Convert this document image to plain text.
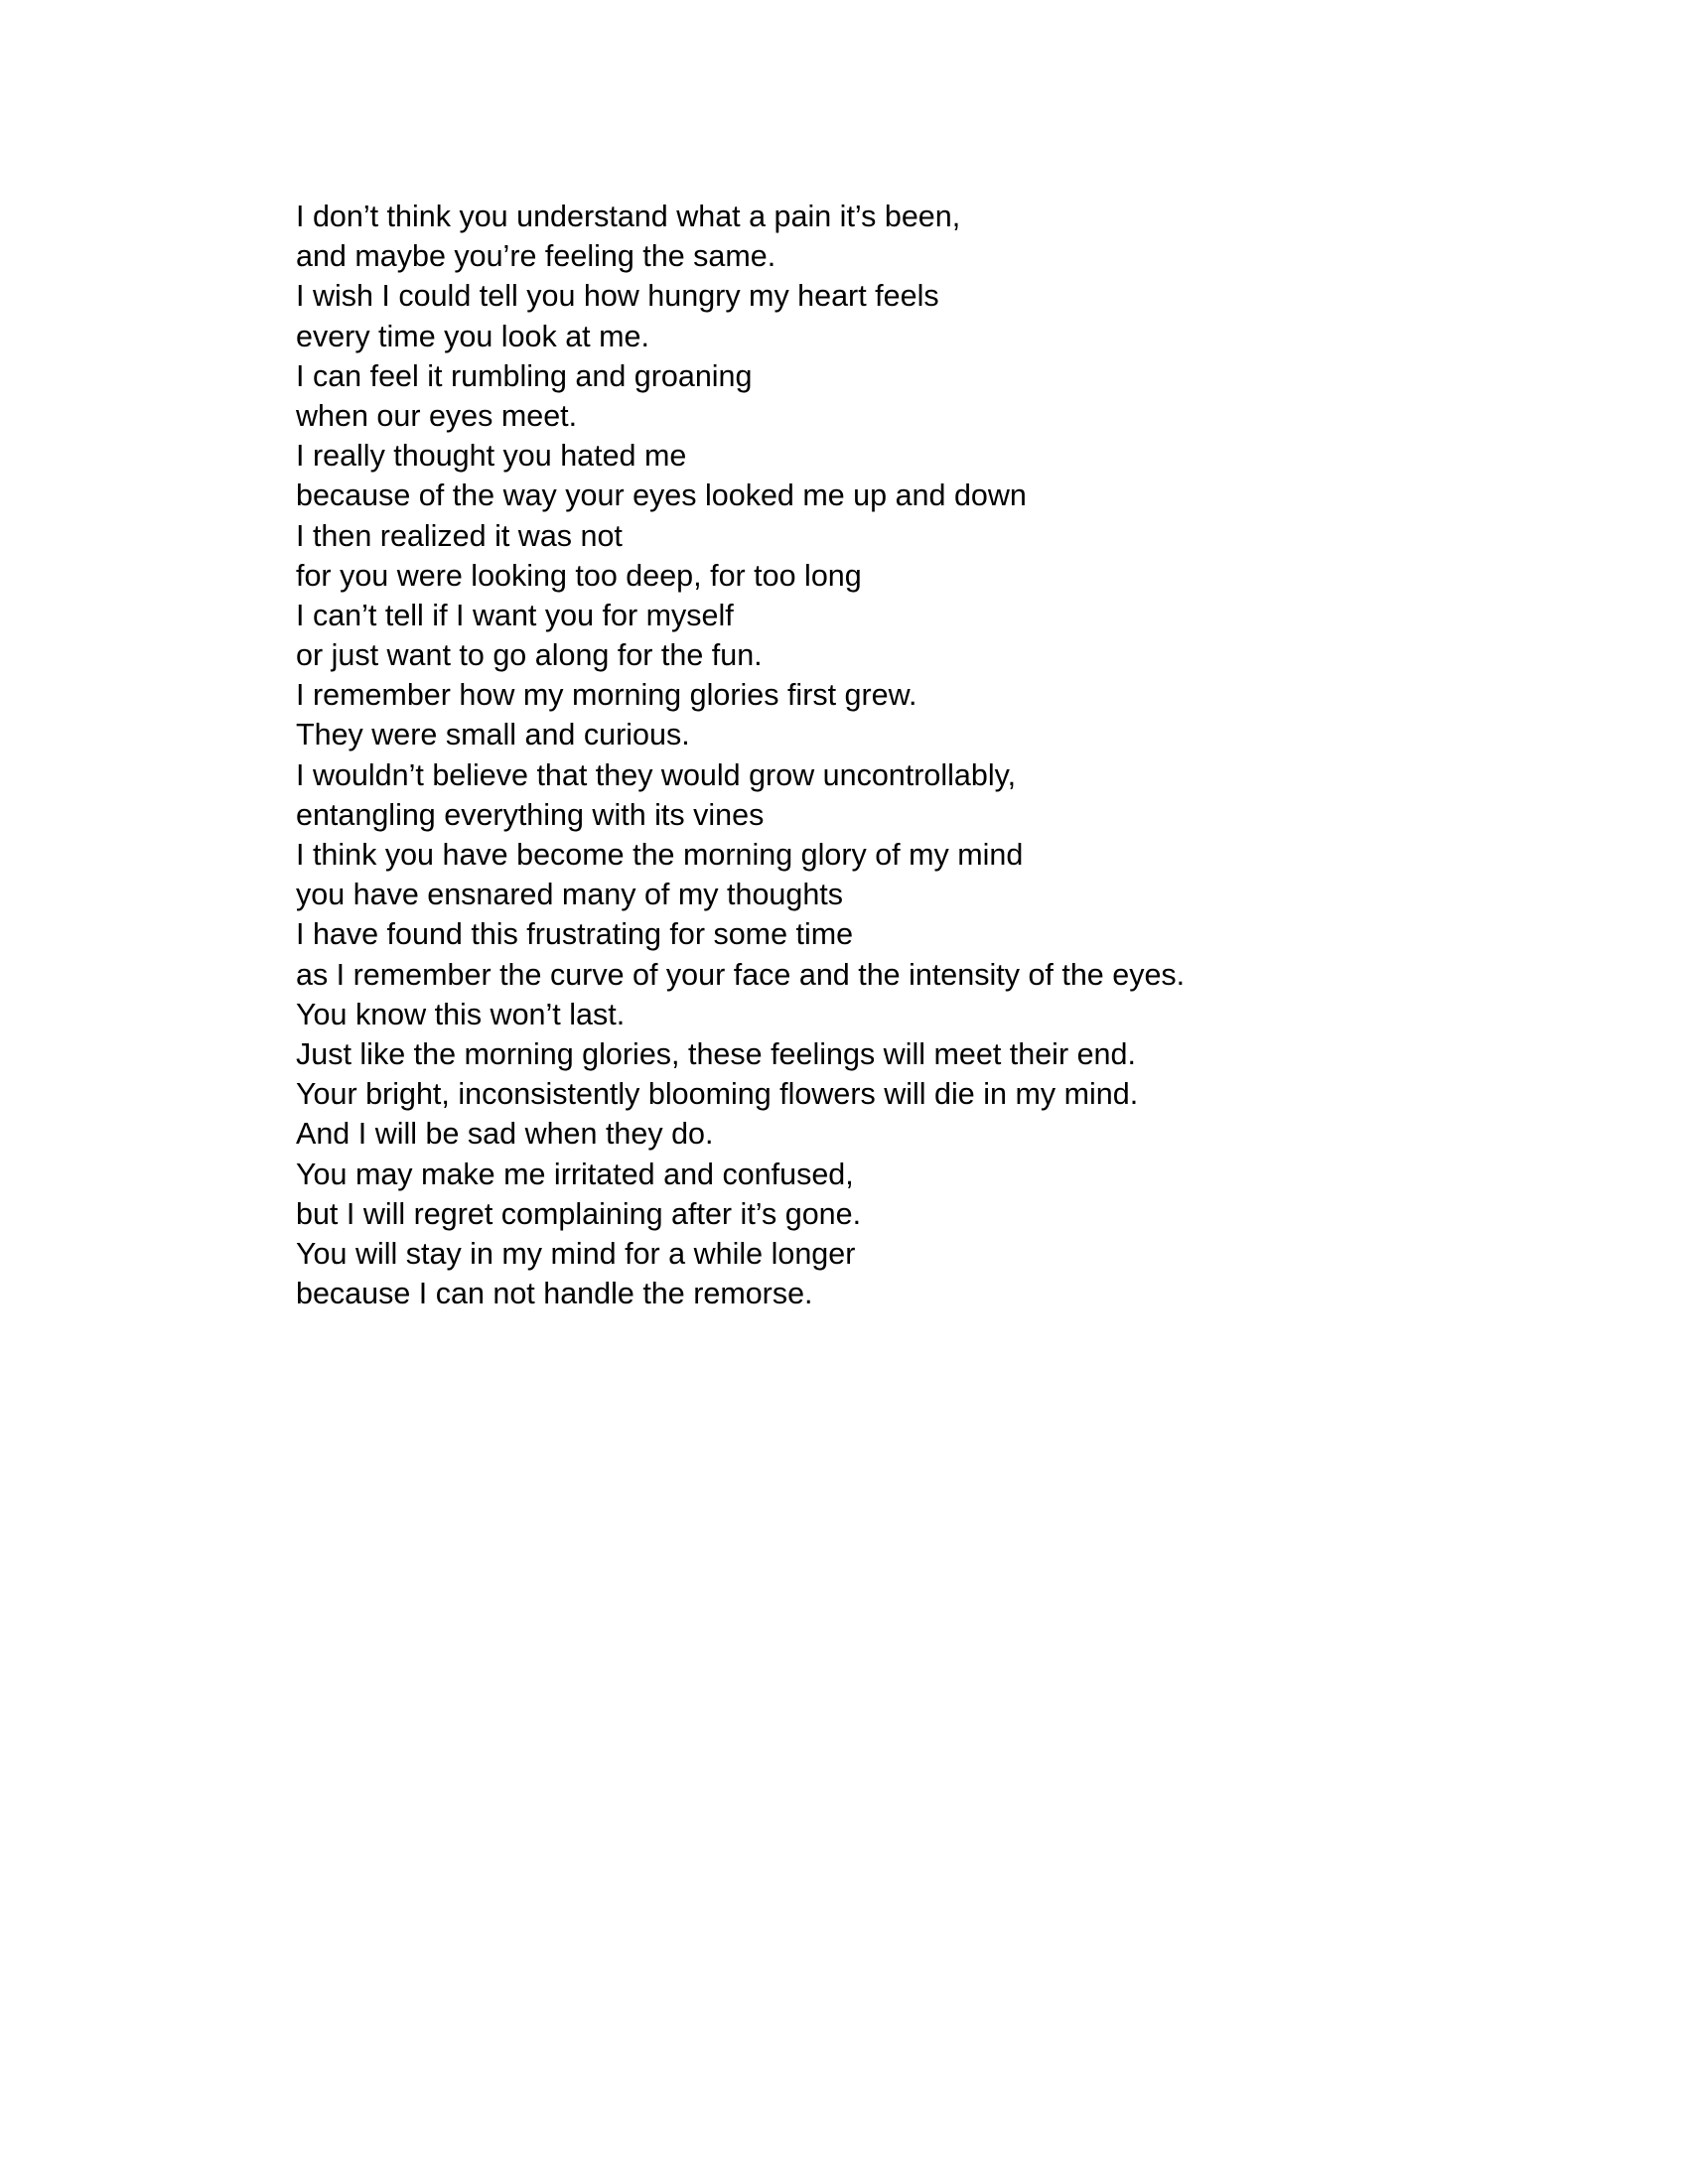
I don’t think you understand what a pain it’s been,
and maybe you’re feeling the same.
I wish I could tell you how hungry my heart feels
every time you look at me.
I can feel it rumbling and groaning
when our eyes meet.
I really thought you hated me
because of the way your eyes looked me up and down
I then realized it was not
for you were looking too deep, for too long
I can’t tell if I want you for myself
or just want to go along for the fun.
I remember how my morning glories first grew.
They were small and curious.
I wouldn’t believe that they would grow uncontrollably,
entangling everything with its vines
I think you have become the morning glory of my mind
you have ensnared many of my thoughts
I have found this frustrating for some time
as I remember the curve of your face and the intensity of the eyes.
You know this won’t last.
Just like the morning glories, these feelings will meet their end.
Your bright, inconsistently blooming flowers will die in my mind.
And I will be sad when they do.
You may make me irritated and confused,
but I will regret complaining after it’s gone.
You will stay in my mind for a while longer
because I can not handle the remorse.
